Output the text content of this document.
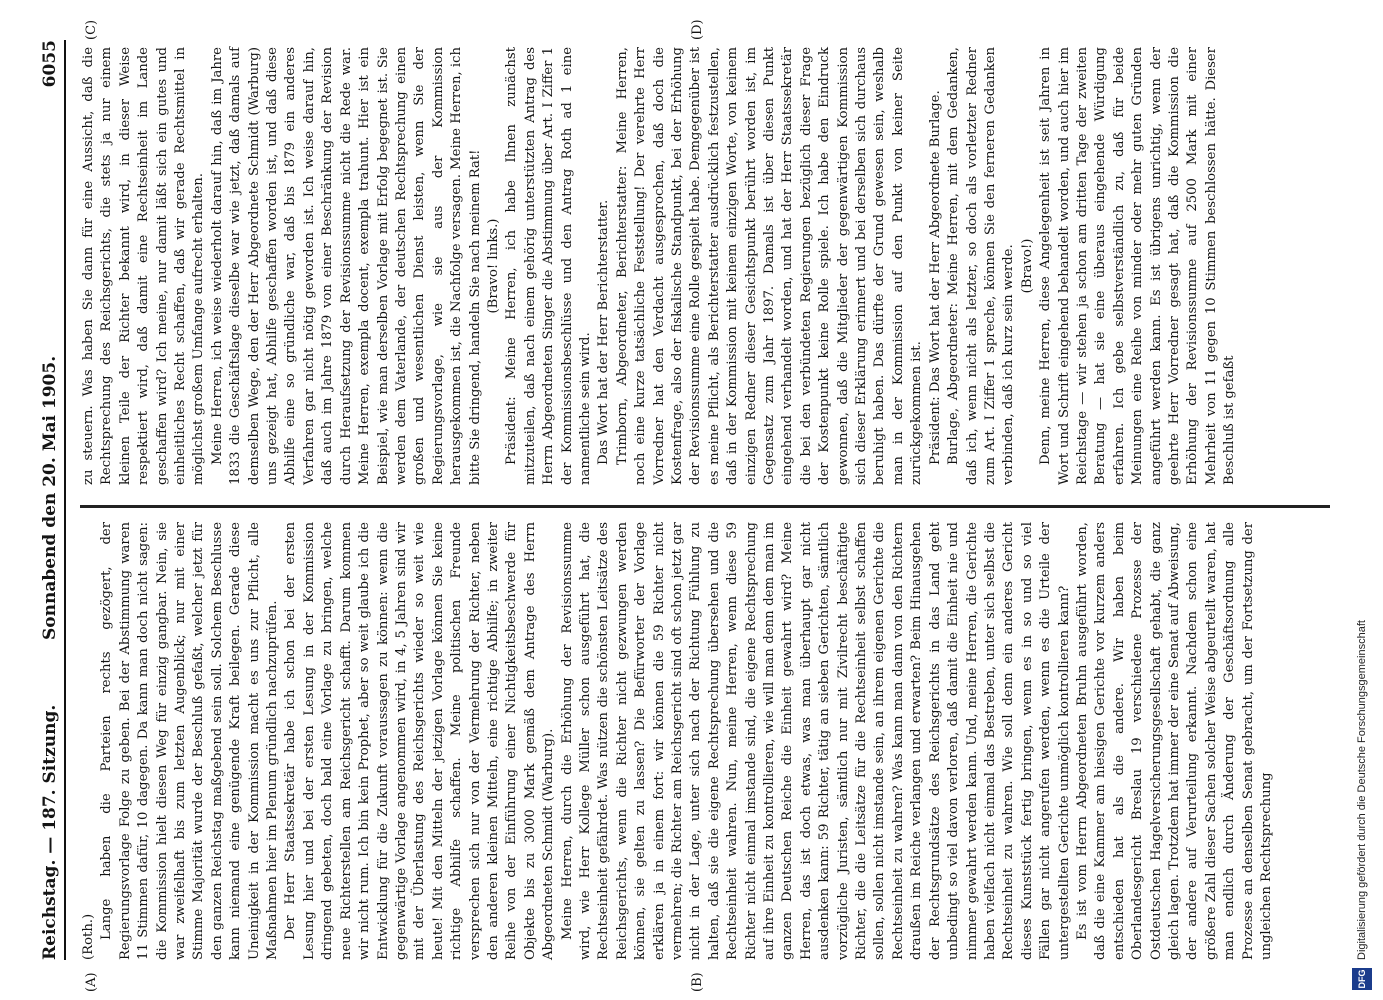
Reichstag. — 187. Sitzung.
Sonnabend den 20. Mai 1905.
6055
(A)	(B)
(C)	(D)

(Roth.) Lange haben die Parteien rechts gezögert, der Regierungsvorlage Folge zu geben. Bei der Abstimmung waren 11 Stimmen dafür, 10 dagegen. Da kann man doch nicht sagen: die Kommission hielt diesen Weg für einzig gangbar. Nein, sie war zweifelhaft bis zum letzten Augenblick; nur mit einer Stimme Majorität wurde der Beschluß gefaßt, welcher jetzt für den ganzen Reichstag maßgebend sein soll. Solchem Beschlusse kann niemand eine genügende Kraft beilegen. Gerade diese Uneinigkeit in der Kommission macht es uns zur Pflicht, alle Maßnahmen hier im Plenum gründlich nachzuprüfen. Der Herr Staatssekretär habe ich schon bei der ersten Lesung hier und bei der ersten Lesung in der Kommission dringend gebeten, doch bald eine Vorlage zu bringen, welche neue Richterstellen am Reichsgericht schafft. Darum kommen wir nicht rum. Ich bin kein Prophet, aber so weit glaube ich die Entwicklung für die Zukunft voraussagen zu können: wenn die gegenwärtige Vorlage angenommen wird, in 4, 5 Jahren sind wir mit der Überlastung des Reichsgerichts wieder so weit wie heute! Mit den Mitteln der jetzigen Vorlage können Sie keine richtige Abhilfe schaffen. Meine politischen Freunde versprechen sich nur von der Vermehrung der Richter, neben den anderen kleinen Mitteln, eine richtige Abhilfe; in zweiter Reihe von der Einführung einer Nichtigkeitsbeschwerde für Objekte bis zu 3000 Mark gemäß dem Antrage des Herrn Abgeordneten Schmidt (Warburg). Meine Herren, durch die Erhöhung der Revisionssumme wird, wie Herr Kollege Müller schon ausgeführt hat, die Rechtseinheit gefährdet. Was nützen die schönsten Leitsätze des Reichsgerichts, wenn die Richter nicht gezwungen werden können, sie gelten zu lassen? Die Befürworter der Vorlage erklären ja in einem fort: wir können die 59 Richter nicht vermehren; die Richter am Reichsgericht sind oft schon jetzt gar nicht in der Lage, unter sich nach der Richtung Fühlung zu halten, daß sie die eigene Rechtsprechung übersehen und die Rechtseinheit wahren. Nun, meine Herren, wenn diese 59 Richter nicht einmal imstande sind, die eigene Rechtsprechung auf ihre Einheit zu kontrollieren, wie will man denn dem man im ganzen Deutschen Reiche die Einheit gewahrt wird? Meine Herren, das ist doch etwas, was man überhaupt gar nicht ausdenken kann: 59 Richter, tätig an sieben Gerichten, sämtlich vorzügliche Juristen, sämtlich nur mit Zivilrecht beschäftigte Richter, die die Leitsätze für die Rechtseinheit selbst schaffen sollen, sollen nicht imstande sein, an ihrem eigenen Gerichte die Rechtseinheit zu wahren? Was kann man dann von den Richtern draußen im Reiche verlangen und erwarten? Beim Hinausgehen der Rechtsgrundsätze des Reichsgerichts in das Land geht unbedingt so viel davon verloren, daß damit die Einheit nie und nimmer gewahrt werden kann. Und, meine Herren, die Gerichte haben vielfach nicht einmal das Bestreben, unter sich selbst die Rechtseinheit zu wahren. Wie soll denn ein anderes Gericht dieses Kunststück fertig bringen, wenn es in so und so viel Fällen gar nicht angerufen werden, wenn es die Urteile der untergestellten Gerichte unmöglich kontrollieren kann? Es ist vom Herrn Abgeordneten Bruhn ausgeführt worden, daß die eine Kammer am hiesigen Gerichte vor kurzem anders entschieden hat als die andere. Wir haben beim Oberlandesgericht Breslau 19 verschiedene Prozesse der Ostdeutschen Hagelversicherungsgesellschaft gehabt, die ganz gleich lagen. Trotzdem hat immer der eine Senat auf Abweisung, der andere auf Verurteilung erkannt. Nachdem schon eine größere Zahl dieser Sachen solcher Weise abgeurteilt waren, hat man endlich durch Änderung der Geschäftsordnung alle Prozesse an denselben Senat gebracht, um der Fortsetzung der ungleichen Rechtsprechung

zu steuern. Was haben Sie dann für eine Aussicht, daß die Rechtsprechung des Reichsgerichts, die stets ja nur einem kleinen Teile der Richter bekannt wird, in dieser Weise respektiert wird, daß damit eine Rechtseinheit im Lande geschaffen wird? Ich meine, nur damit läßt sich ein gutes und einheitliches Recht schaffen, daß wir gerade Rechtsmittel in möglichst großem Umfange aufrecht erhalten. Meine Herren, ich weise wiederholt darauf hin, daß im Jahre 1833 die Geschäftslage dieselbe war wie jetzt, daß damals auf demselben Wege, den der Herr Abgeordnete Schmidt (Warburg) uns gezeigt hat, Abhilfe geschaffen worden ist, und daß diese Abhilfe eine so gründliche war, daß bis 1879 ein anderes Verfahren gar nicht nötig geworden ist. Ich weise darauf hin, daß auch im Jahre 1879 von einer Beschränkung der Revision durch Heraufsetzung der Revisionssumme nicht die Rede war. Meine Herren, exempla docent, exempla trahunt. Hier ist ein Beispiel, wie man derselben Vorlage mit Erfolg begegnet ist. Sie werden dem Vaterlande, der deutschen Rechtsprechung einen großen und wesentlichen Dienst leisten, wenn Sie der Regierungsvorlage, wie sie aus der Kommission herausgekommen ist, die Nachfolge versagen. Meine Herren, ich bitte Sie dringend, handeln Sie nach meinem Rat! (Bravo! links.) Präsident: Meine Herren, ich habe Ihnen zunächst mitzuteilen, daß nach einem gehörig unterstützten Antrag des Herrn Abgeordneten Singer die Abstimmung über Art. I Ziffer 1 der Kommissionsbeschlüsse und den Antrag Roth ad 1 eine namentliche sein wird. Das Wort hat der Herr Berichterstatter. Trimborn, Abgeordneter, Berichterstatter: Meine Herren, noch eine kurze tatsächliche Feststellung! Der verehrte Herr Vorredner hat den Verdacht ausgesprochen, daß doch die Kostenfrage, also der fiskalische Standpunkt, bei der Erhöhung der Revisionssumme eine Rolle gespielt habe. Demgegenüber ist es meine Pflicht, als Berichterstatter ausdrücklich festzustellen, daß in der Kommission mit keinem einzigen Worte, von keinem einzigen Redner dieser Gesichtspunkt berührt worden ist, im Gegensatz zum Jahr 1897. Damals ist über diesen Punkt eingehend verhandelt worden, und hat der Herr Staatssekretär die bei den verbündeten Regierungen bezüglich dieser Frage der Kostenpunkt keine Rolle spiele. Ich habe den Eindruck gewonnen, daß die Mitglieder der gegenwärtigen Kommission sich dieser Erklärung erinnert und bei derselben sich durchaus beruhigt haben. Das dürfte der Grund gewesen sein, weshalb man in der Kommission auf den Punkt von keiner Seite zurückgekommen ist. Präsident: Das Wort hat der Herr Abgeordnete Burlage. Burlage, Abgeordneter: Meine Herren, mit dem Gedanken, daß ich, wenn nicht als letzter, so doch als vorletzter Redner zum Art. I Ziffer 1 spreche, können Sie den ferneren Gedanken verbinden, daß ich kurz sein werde. (Bravo!) Denn, meine Herren, diese Angelegenheit ist seit Jahren in Wort und Schrift eingehend behandelt worden, und auch hier im Reichstage — wir stehen ja schon am dritten Tage der zweiten Beratung — hat sie eine überaus eingehende Würdigung erfahren. Ich gebe selbstverständlich zu, daß für beide Meinungen eine Reihe von minder oder mehr guten Gründen angeführt werden kann. Es ist übrigens unrichtig, wenn der geehrte Herr Vorredner gesagt hat, daß die Kommission die Erhöhung der Revisionssumme auf 2500 Mark mit einer Mehrheit von 11 gegen 10 Stimmen beschlossen hätte. Dieser Beschluß ist gefaßt

DFG
Digitalisierung gefördert durch die Deutsche Forschungsgemeinschaft
